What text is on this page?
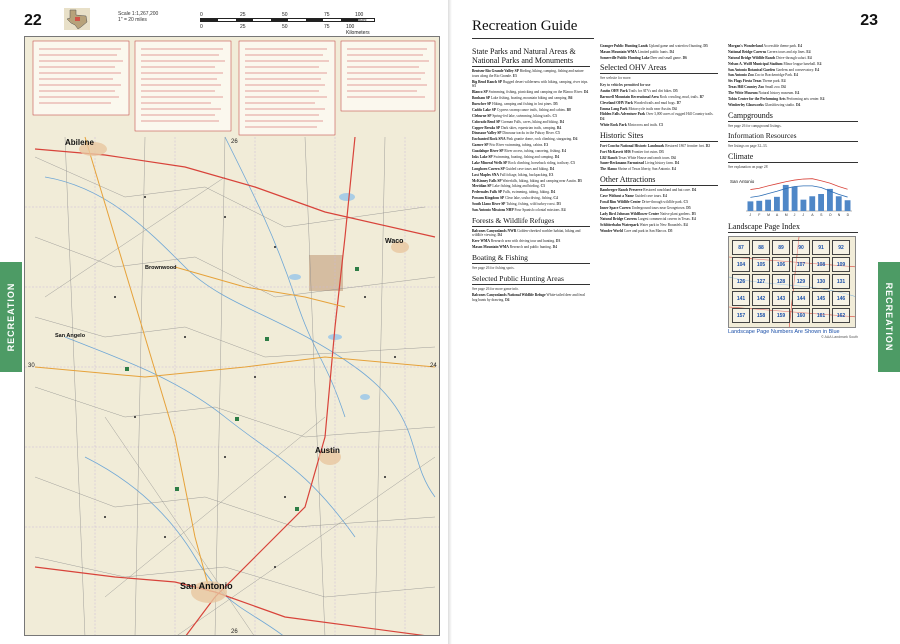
22	Scale 1:1,267,200
1" = 20 miles
0	25	50	75	100 Miles
0	25	50	75	100 Kilometers
RECREATION
Abilene
San Antonio
Austin
Waco
Brownwood
San Angelo
26
26
30	24
23
Recreation Guide
RECREATION
State Parks and Natural Areas & National Parks and Monuments
Bentsen-Rio Grande Valley SP Birding, hiking, camping, fishing and nature tours along the Rio Grande. E5
Big Bend Ranch SP Rugged desert wilderness with hiking, camping, river trips. S3
Blanco SP Swimming, fishing, picnicking and camping on the Blanco River. D4
Bonham SP Lake fishing, boating, mountain biking and camping. B6
Buescher SP Hiking, camping and fishing in lost pines. D5
Caddo Lake SP Cypress swamp canoe trails, fishing and cabins. B8
Cleburne SP Spring-fed lake, swimming, hiking trails. C5
Colorado Bend SP Gorman Falls, caves, hiking and biking. D4
Copper Breaks SP Dark skies, equestrian trails, camping. B4
Dinosaur Valley SP Dinosaur tracks in the Paluxy River. C5
Enchanted Rock SNA Pink granite dome, rock climbing, stargazing. D4
Garner SP Frio River swimming, tubing, cabins. E3
Guadalupe River SP River access, tubing, canoeing, fishing. E4
Inks Lake SP Swimming, boating, fishing and camping. D4
Lake Mineral Wells SP Rock climbing, horseback riding, trailway. C5
Longhorn Cavern SP Guided cave tours and hiking. D4
Lost Maples SNA Fall foliage, hiking, backpacking. E3
McKinney Falls SP Waterfalls, hiking, biking and camping near Austin. D5
Meridian SP Lake fishing, hiking and birding. C5
Pedernales Falls SP Falls, swimming, tubing, hiking. D4
Possum Kingdom SP Clear lake, scuba diving, fishing. C4
South Llano River SP Tubing, fishing, wild turkey roost. D3
San Antonio Missions NHP Four Spanish colonial missions. E4
Forests & Wildlife Refuges
Balcones Canyonlands NWR Golden-cheeked warbler habitat, hiking and wildlife viewing. D4
Kerr WMA Research area with driving tour and hunting. D3
Mason Mountain WMA Research and public hunting. D4
Boating & Fishing
See page 26 for fishing spots.
Selected Public Hunting Areas
See page 26 for more game info.
Balcones Canyonlands National Wildlife Refuge White-tailed deer and feral hog hunts by drawing. D4
Granger Public Hunting Lands Upland game and waterfowl hunting. D5
Mason Mountain WMA Limited public hunts. D4
Somerville Public Hunting Lake Deer and small game. D6
Selected OHV Areas
See website for more.
Key to vehicles permitted for use
Austin OHV Park Trails for ATVs and dirt bikes. D5
Barnwell Mountain Recreational Area Rock crawling, mud, trails. B7
Cleveland OHV Park Wooded trails and mud bogs. D7
Emma Long Park Motorcycle trails near Austin. D4
Hidden Falls Adventure Park Over 3,000 acres of rugged Hill Country trails. D4
White Rock Park Motocross and trails. C5
Historic Sites
Fort Concho National Historic Landmark Restored 1867 frontier fort. D2
Fort McKavett SHS Frontier fort ruins. D3
LBJ Ranch Texas White House and ranch tours. D4
Sauer-Beckmann Farmstead Living history farm. D4
The Alamo Shrine of Texas liberty, San Antonio. E4
Other Attractions
Bamberger Ranch Preserve Restored ranchland and bat cave. D4
Cave Without a Name Guided cave tours. E4
Fossil Rim Wildlife Center Drive-through wildlife park. C5
Inner Space Cavern Underground tours near Georgetown. D5
Lady Bird Johnson Wildflower Center Native plant gardens. D5
Natural Bridge Caverns Largest commercial cavern in Texas. E4
Schlitterbahn Waterpark Water park in New Braunfels. E4
Wonder World Cave and park in San Marcos. D5
Morgan's Wonderland Accessible theme park. E4
National Bridge Caverns Cavern tours and zip lines. E4
Natural Bridge Wildlife Ranch Drive-through safari. E4
Nelson A. Wolff Municipal Stadium Minor league baseball. E4
San Antonio Botanical Garden Gardens and conservatory. E4
San Antonio Zoo Zoo in Brackenridge Park. E4
Six Flags Fiesta Texas Theme park. E4
Texas Hill Country Zoo Small zoo. D4
The Witte Museum Natural history museum. E4
Tobin Center for the Performing Arts Performing arts center. E4
Wimberley Glassworks Glassblowing studio. D4
Campgrounds
See page 26 for campground listings.
Information Resources
See listings on page 32–33.
Climate
See explanation on page 28
San Antonio
J F M A M J J A S O N D
Landscape Page Index
87	88	89	90	91	92
104	105	106	107	108	109
126	127	128	129	130	131
141	142	143	144	145	146
157	158	159	160	161	162
Landscape Page Numbers Are Shown in Blue
© AAA Landmark South
